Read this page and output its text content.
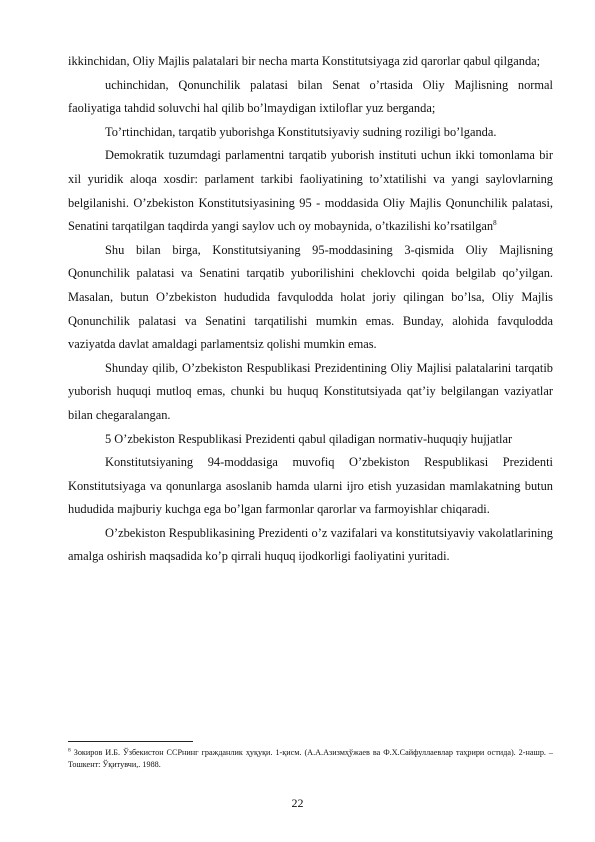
ikkinchidan, Oliy Majlis palatalari bir necha marta Konstitutsiyaga zid qarorlar qabul qilganda;

uchinchidan, Qonunchilik palatasi bilan Senat o’rtasida Oliy Majlisning normal faoliyatiga tahdid soluvchi hal qilib bo’lmaydigan ixtiloflar yuz berganda;

To’rtinchidan, tarqatib yuborishga Konstitutsiyaviy sudning roziligi bo’lganda.

Demokratik tuzumdagi parlamentni tarqatib yuborish instituti uchun ikki tomonlama bir xil yuridik aloqa xosdir: parlament tarkibi faoliyatining to’xtatilishi va yangi saylovlarning belgilanishi. O’zbekiston Konstitutsiyasining 95 - moddasida Oliy Majlis Qonunchilik palatasi, Senatini tarqatilgan taqdirda yangi saylov uch oy mobaynida, o’tkazilishi ko’rsatilgan$^8$

Shu bilan birga, Konstitutsiyaning 95-moddasining 3-qismida Oliy Majlisning Qonunchilik palatasi va Senatini tarqatib yuborilishini cheklovchi qoida belgilab qo’yilgan. Masalan, butun O’zbekiston hududida favqulodda holat joriy qilingan bo’lsa, Oliy Majlis Qonunchilik palatasi va Senatini tarqatilishi mumkin emas. Bunday, alohida favqulodda vaziyatda davlat amaldagi parlamentsiz qolishi mumkin emas.

Shunday qilib, O’zbekiston Respublikasi Prezidentining Oliy Majlisi palatalarini tarqatib yuborish huquqi mutloq emas, chunki bu huquq Konstitutsiyada qat’iy belgilangan vaziyatlar bilan chegaralangan.

5 O’zbekiston Respublikasi Prezidenti qabul qiladigan normativ-huquqiy hujjatlar

Konstitutsiyaning 94-moddasiga muvofiq O’zbekiston Respublikasi Prezidenti Konstitutsiyaga va qonunlarga asoslanib hamda ularni ijro etish yuzasidan mamlakatning butun hududida majburiy kuchga ega bo’lgan farmonlar qarorlar va farmoyishlar chiqaradi.

O’zbekiston Respublikasining Prezidenti o’z vazifalari va konstitutsiyaviy vakolatlarining amalga oshirish maqsadida ko’p qirrali huquq ijodkorligi faoliyatini yuritadi.

$^8$ Зокиров И.Б. Ўзбекистон ССРнинг граждaнлик ҳуқуқи. 1-қисм. (А.А.Азизмҳўжаев ва Ф.Х.Сайфуллаевлар таҳрири остида). 2-нашр. – Тошкент: Ўқитувчи,. 1988.
22
